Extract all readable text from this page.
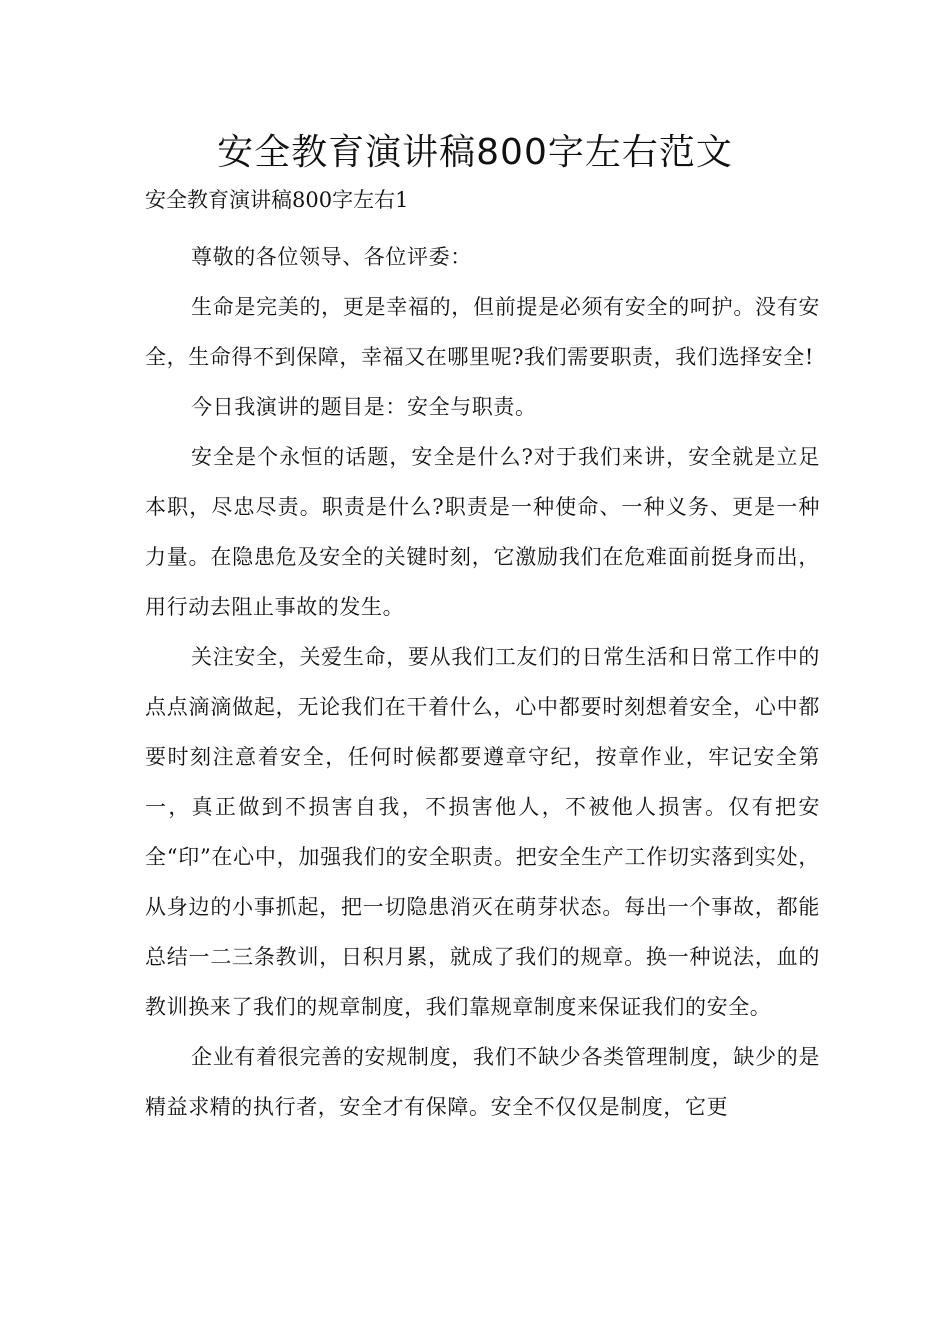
安全教育演讲稿800字左右范文

安全教育演讲稿800字左右1

尊敬的各位领导、各位评委：

生命是完美的，更是幸福的，但前提是必须有安全的呵护。没有安全，生命得不到保障，幸福又在哪里呢?我们需要职责，我们选择安全!

今日我演讲的题目是：安全与职责。

安全是个永恒的话题，安全是什么?对于我们来讲，安全就是立足本职，尽忠尽责。职责是什么?职责是一种使命、一种义务、更是一种力量。在隐患危及安全的关键时刻，它激励我们在危难面前挺身而出，用行动去阻止事故的发生。

关注安全，关爱生命，要从我们工友们的日常生活和日常工作中的点点滴滴做起，无论我们在干着什么，心中都要时刻想着安全，心中都要时刻注意着安全，任何时候都要遵章守纪，按章作业，牢记安全第一，真正做到不损害自我，不损害他人，不被他人损害。仅有把安全“印”在心中，加强我们的安全职责。把安全生产工作切实落到实处，从身边的小事抓起，把一切隐患消灭在萌芽状态。每出一个事故，都能总结一二三条教训，日积月累，就成了我们的规章。换一种说法，血的教训换来了我们的规章制度，我们靠规章制度来保证我们的安全。

企业有着很完善的安规制度，我们不缺少各类管理制度，缺少的是精益求精的执行者，安全才有保障。安全不仅仅是制度，它更
